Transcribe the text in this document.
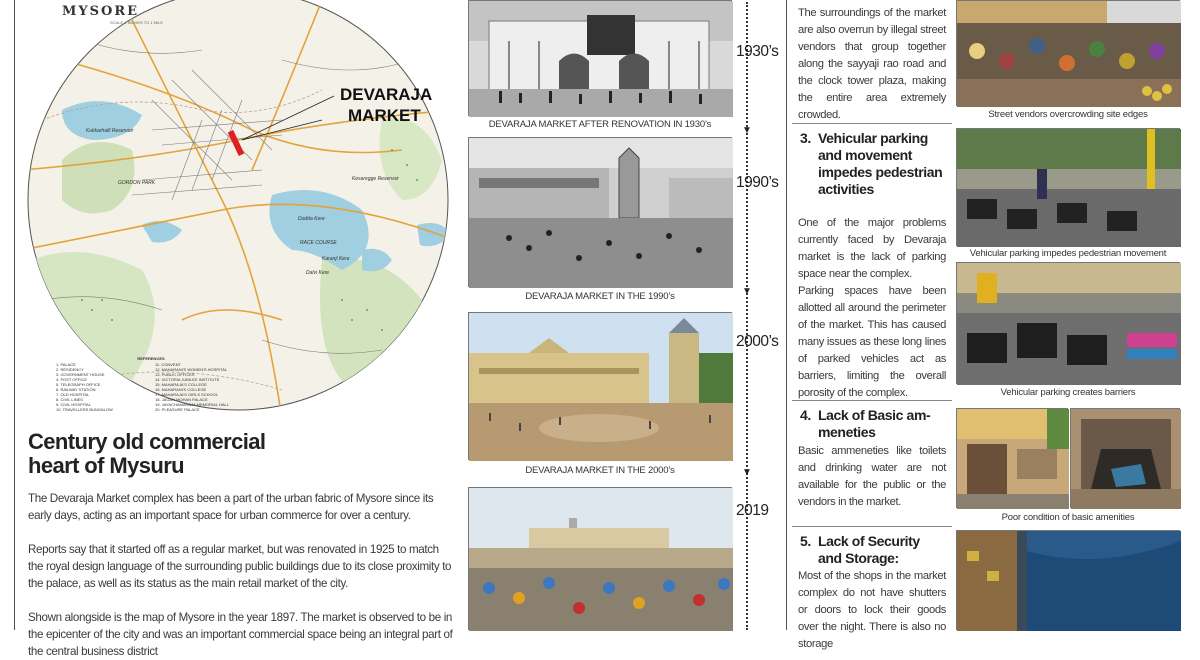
MYSORE
SCALE 1 INCHES TO 1 MILE
DEVARAJA
MARKET
Kukkarhalli Reservoir
GORDON PARK
Dodda Kere
RACE COURSE
Karanji Kere
Dalvi Kere
Kesaregge Reservoir
REFERENCES
1. PALACE
2. RESIDENCY
3. GOVERNMENT HOUSE
4. POST OFFICE
5. TELEGRAPH OFFICE
6. RAILWAY STATION
7. OLD HOSPITAL
8. CIVIL LINES
9. CIVIL HOSPITAL
10. TRAVELLERS BUNGALOW
11. CONVENT
12. MAHARANI'S WOMEN'S HOSPITAL
13. PUBLIC OFFICES
14. VICTORIA JUBILEE INSTITUTE
15. MAHARAJA'S COLLEGE
16. MAHARANI'S COLLEGE
17. MAHARAJA'S GIRLS SCHOOL
18. JAGAN MOHAN PALACE
19. JAYACHAMARAJA MEMORIAL HALL
20. PLEASURE PALACE
Century old commercial
heart of Mysuru
The Devaraja Market complex has been a part of the urban fabric of Mysore since its early days, acting as an important space for urban commerce for over a century.
Reports say that it started off as a regular market, but was renovated in 1925 to match the royal design language of the surrounding public buildings due to its close proximity to the palace, as well as its status as the main retail market of the city.
Shown alongside is the map of Mysore in the year 1897. The market is observed to be in the epicenter of the city and was an important commercial space being an integral part of the central business district
DEVARAJA MARKET AFTER RENOVATION IN 1930’s
DEVARAJA MARKET IN THE 1990’s
DEVARAJA MARKET IN THE 2000’s
1930’s
▼
1990’s
▼
2000’s
▼
2019
The surroundings of the market are also overrun by illegal street vendors that group together along the sayyaji rao road and the clock tower plaza, making the entire area extremely crowded.	Street vendors overcrowding site edges
3. Vehicular parking
and movement
impedes pedestrian
activities
One of the major problems currently faced by Devaraja market is the lack of parking space near the complex.
Parking spaces have been allotted all around the perimeter of the market. This has caused many issues as these long lines of parked vehicles act as barriers, limiting the overall porosity of the complex.
Vehicular parking impedes pedestrian movement
Vehicular parking creates barriers
4. Lack of Basic am-
meneties
Basic ammeneties like toilets and drinking water are not available for the public or the vendors in the market.
Poor condition of basic amenities
5. Lack of Security
and Storage:
Most of the shops in the market complex do not have shutters or doors to lock their goods over the night. There is also no storage
